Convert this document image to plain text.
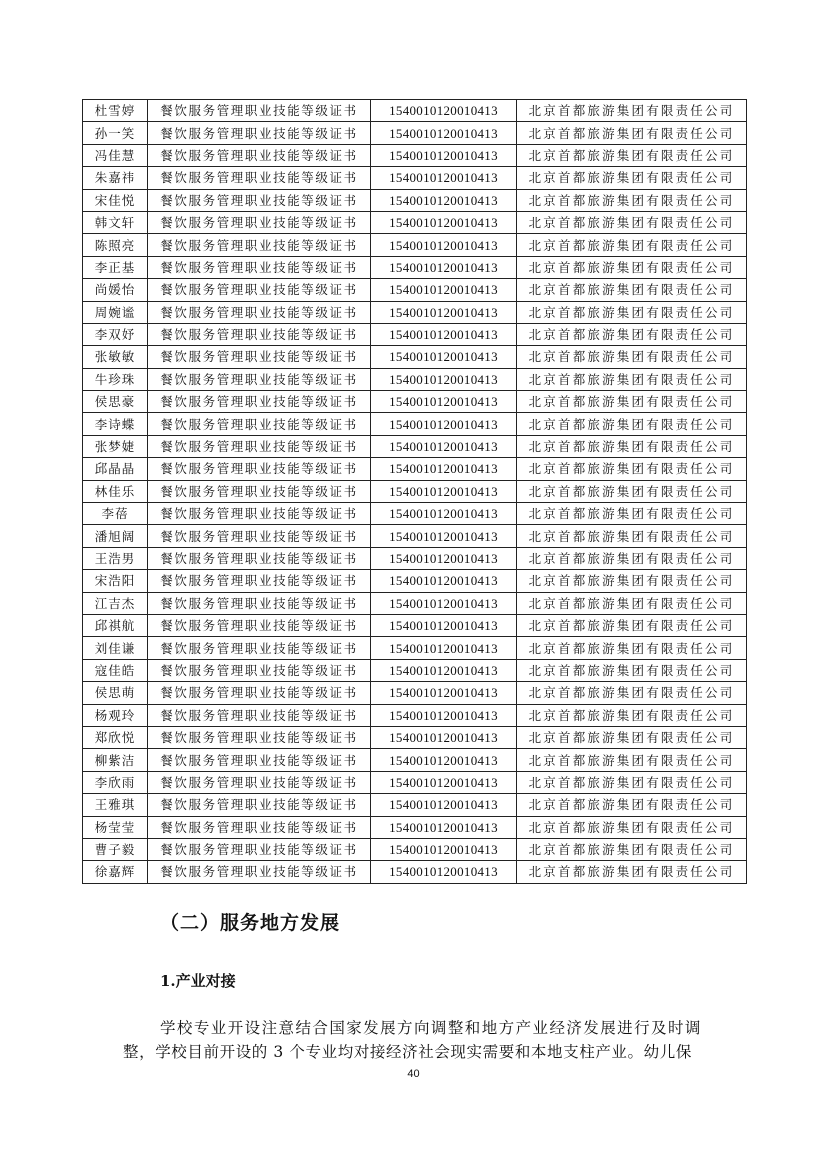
杜雪婷	餐饮服务管理职业技能等级证书	1540010120010413	北京首都旅游集团有限责任公司
孙一笑	餐饮服务管理职业技能等级证书	1540010120010413	北京首都旅游集团有限责任公司
冯佳慧	餐饮服务管理职业技能等级证书	1540010120010413	北京首都旅游集团有限责任公司
朱嘉祎	餐饮服务管理职业技能等级证书	1540010120010413	北京首都旅游集团有限责任公司
宋佳悦	餐饮服务管理职业技能等级证书	1540010120010413	北京首都旅游集团有限责任公司
韩文轩	餐饮服务管理职业技能等级证书	1540010120010413	北京首都旅游集团有限责任公司
陈照亮	餐饮服务管理职业技能等级证书	1540010120010413	北京首都旅游集团有限责任公司
李正基	餐饮服务管理职业技能等级证书	1540010120010413	北京首都旅游集团有限责任公司
尚媛怡	餐饮服务管理职业技能等级证书	1540010120010413	北京首都旅游集团有限责任公司
周婉谧	餐饮服务管理职业技能等级证书	1540010120010413	北京首都旅游集团有限责任公司
李双妤	餐饮服务管理职业技能等级证书	1540010120010413	北京首都旅游集团有限责任公司
张敏敏	餐饮服务管理职业技能等级证书	1540010120010413	北京首都旅游集团有限责任公司
牛珍珠	餐饮服务管理职业技能等级证书	1540010120010413	北京首都旅游集团有限责任公司
侯思豪	餐饮服务管理职业技能等级证书	1540010120010413	北京首都旅游集团有限责任公司
李诗蝶	餐饮服务管理职业技能等级证书	1540010120010413	北京首都旅游集团有限责任公司
张梦婕	餐饮服务管理职业技能等级证书	1540010120010413	北京首都旅游集团有限责任公司
邱晶晶	餐饮服务管理职业技能等级证书	1540010120010413	北京首都旅游集团有限责任公司
林佳乐	餐饮服务管理职业技能等级证书	1540010120010413	北京首都旅游集团有限责任公司
李蓓	餐饮服务管理职业技能等级证书	1540010120010413	北京首都旅游集团有限责任公司
潘旭阔	餐饮服务管理职业技能等级证书	1540010120010413	北京首都旅游集团有限责任公司
王浩男	餐饮服务管理职业技能等级证书	1540010120010413	北京首都旅游集团有限责任公司
宋浩阳	餐饮服务管理职业技能等级证书	1540010120010413	北京首都旅游集团有限责任公司
江吉杰	餐饮服务管理职业技能等级证书	1540010120010413	北京首都旅游集团有限责任公司
邱祺航	餐饮服务管理职业技能等级证书	1540010120010413	北京首都旅游集团有限责任公司
刘佳谦	餐饮服务管理职业技能等级证书	1540010120010413	北京首都旅游集团有限责任公司
寇佳皓	餐饮服务管理职业技能等级证书	1540010120010413	北京首都旅游集团有限责任公司
侯思萌	餐饮服务管理职业技能等级证书	1540010120010413	北京首都旅游集团有限责任公司
杨观玲	餐饮服务管理职业技能等级证书	1540010120010413	北京首都旅游集团有限责任公司
郑欣悦	餐饮服务管理职业技能等级证书	1540010120010413	北京首都旅游集团有限责任公司
柳紫洁	餐饮服务管理职业技能等级证书	1540010120010413	北京首都旅游集团有限责任公司
李欣雨	餐饮服务管理职业技能等级证书	1540010120010413	北京首都旅游集团有限责任公司
王雅琪	餐饮服务管理职业技能等级证书	1540010120010413	北京首都旅游集团有限责任公司
杨莹莹	餐饮服务管理职业技能等级证书	1540010120010413	北京首都旅游集团有限责任公司
曹子毅	餐饮服务管理职业技能等级证书	1540010120010413	北京首都旅游集团有限责任公司
徐嘉辉	餐饮服务管理职业技能等级证书	1540010120010413	北京首都旅游集团有限责任公司
（二）服务地方发展
1.产业对接
学校专业开设注意结合国家发展方向调整和地方产业经济发展进行及时调整，学校目前开设的 3 个专业均对接经济社会现实需要和本地支柱产业。幼儿保
40
